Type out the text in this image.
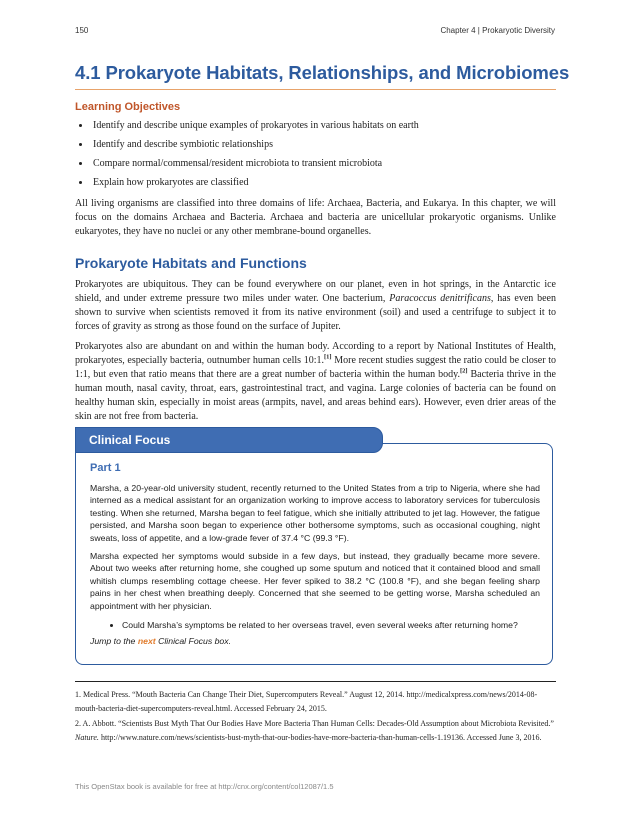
150	Chapter 4 | Prokaryotic Diversity
4.1 Prokaryote Habitats, Relationships, and Microbiomes
Learning Objectives
• Identify and describe unique examples of prokaryotes in various habitats on earth
• Identify and describe symbiotic relationships
• Compare normal/commensal/resident microbiota to transient microbiota
• Explain how prokaryotes are classified

All living organisms are classified into three domains of life: Archaea, Bacteria, and Eukarya. In this chapter, we will focus on the domains Archaea and Bacteria. Archaea and bacteria are unicellular prokaryotic organisms. Unlike eukaryotes, they have no nuclei or any other membrane-bound organelles.

Prokaryote Habitats and Functions

Prokaryotes are ubiquitous. They can be found everywhere on our planet, even in hot springs, in the Antarctic ice shield, and under extreme pressure two miles under water. One bacterium, Paracoccus denitrificans, has even been shown to survive when scientists removed it from its native environment (soil) and used a centrifuge to subject it to forces of gravity as strong as those found on the surface of Jupiter.

Prokaryotes also are abundant on and within the human body. According to a report by National Institutes of Health, prokaryotes, especially bacteria, outnumber human cells 10:1.[1] More recent studies suggest the ratio could be closer to 1:1, but even that ratio means that there are a great number of bacteria within the human body.[2] Bacteria thrive in the human mouth, nasal cavity, throat, ears, gastrointestinal tract, and vagina. Large colonies of bacteria can be found on healthy human skin, especially in moist areas (armpits, navel, and areas behind ears). However, even drier areas of the skin are not free from bacteria.

Clinical Focus
Part 1

Marsha, a 20-year-old university student, recently returned to the United States from a trip to Nigeria, where she had interned as a medical assistant for an organization working to improve access to laboratory services for tuberculosis testing. When she returned, Marsha began to feel fatigue, which she initially attributed to jet lag. However, the fatigue persisted, and Marsha soon began to experience other bothersome symptoms, such as occasional coughing, night sweats, loss of appetite, and a low-grade fever of 37.4 °C (99.3 °F).

Marsha expected her symptoms would subside in a few days, but instead, they gradually became more severe. About two weeks after returning home, she coughed up some sputum and noticed that it contained blood and small whitish clumps resembling cottage cheese. Her fever spiked to 38.2 °C (100.8 °F), and she began feeling sharp pains in her chest when breathing deeply. Concerned that she seemed to be getting worse, Marsha scheduled an appointment with her physician.

• Could Marsha’s symptoms be related to her overseas travel, even several weeks after returning home?
Jump to the next Clinical Focus box.
1. Medical Press. “Mouth Bacteria Can Change Their Diet, Supercomputers Reveal.” August 12, 2014. http://medicalxpress.com/news/2014-08-mouth-bacteria-diet-supercomputers-reveal.html. Accessed February 24, 2015.
2. A. Abbott. “Scientists Bust Myth That Our Bodies Have More Bacteria Than Human Cells: Decades-Old Assumption about Microbiota Revisited.” Nature. http://www.nature.com/news/scientists-bust-myth-that-our-bodies-have-more-bacteria-than-human-cells-1.19136. Accessed June 3, 2016.
This OpenStax book is available for free at http://cnx.org/content/col12087/1.5
